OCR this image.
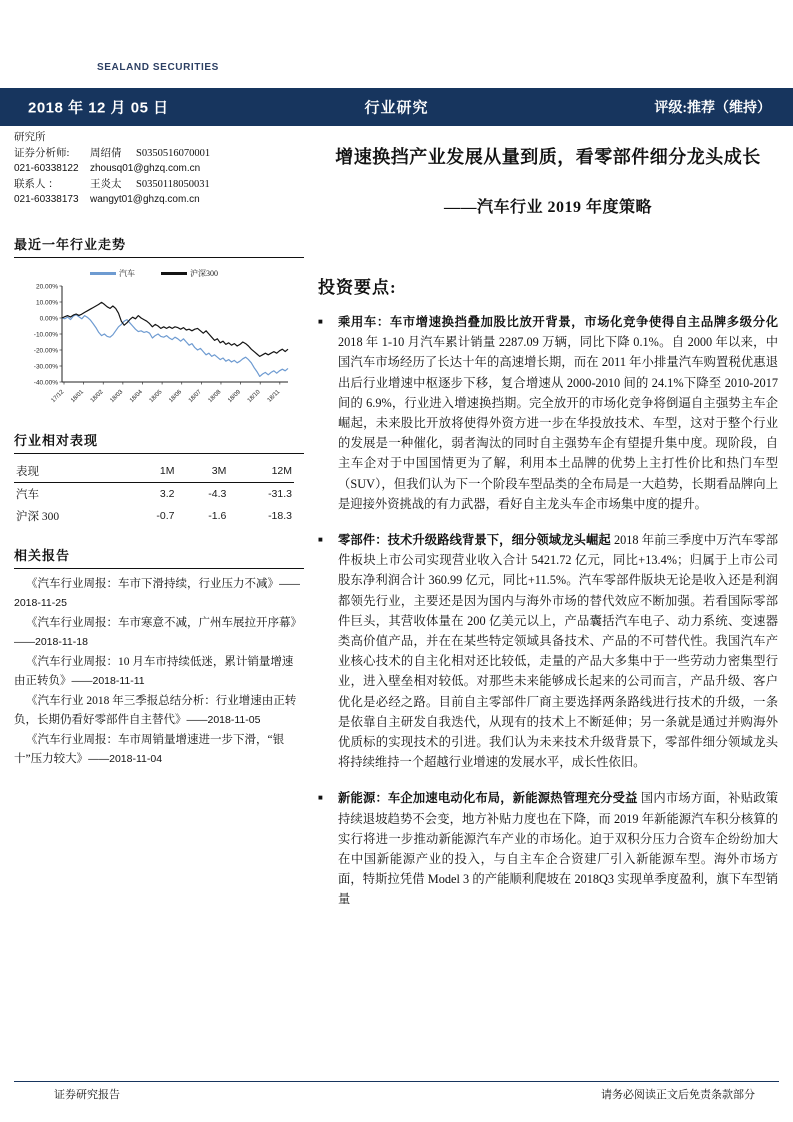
SEALAND SECURITIES
2018 年 12 月 05 日	行业研究	评级:推荐（维持）
研究所
证券分析师:	周绍倩	S0350516070001
021-60338122	zhousq01@ghzq.com.cn
联系人 ：	王炎太	S0350118050031
021-60338173	wangyt01@ghzq.com.cn
最近一年行业走势
汽车	沪深300
20.00%
10.00%
0.00%
-10.00%
-20.00%
-30.00%
-40.00%
17/12 18/01 18/02 18/03 18/04 18/05 18/06 18/07 18/08 18/09 18/10 18/11
行业相对表现
表现	1M	3M	12M
汽车	3.2	-4.3	-31.3
沪深 300	-0.7	-1.6	-18.3
相关报告
《汽车行业周报：车市下滑持续，行业压力不减》——2018-11-25
《汽车行业周报：车市寒意不减，广州车展拉开序幕》——2018-11-18
《汽车行业周报：10 月车市持续低迷，累计销量增速由正转负》——2018-11-11
《汽车行业 2018 年三季报总结分析：行业增速由正转负，长期仍看好零部件自主替代》——2018-11-05
《汽车行业周报：车市周销量增速进一步下滑，“银十”压力较大》——2018-11-04
增速换挡产业发展从量到质，看零部件细分龙头成长
——汽车行业 2019 年度策略
投资要点:
■	乘用车：车市增速换挡叠加股比放开背景，市场化竞争使得自主品牌多级分化 2018 年 1-10 月汽车累计销量 2287.09 万辆，同比下降 0.1%。自 2000 年以来，中国汽车市场经历了长达十年的高速增长期，而在 2011 年小排量汽车购置税优惠退出后行业增速中枢逐步下移，复合增速从 2000-2010 间的 24.1%下降至 2010-2017 间的 6.9%，行业进入增速换挡期。完全放开的市场化竞争将倒逼自主强势主车企崛起，未来股比开放将使得外资方进一步在华投放技术、车型，这对于整个行业的发展是一种催化，弱者淘汰的同时自主强势车企有望提升集中度。现阶段，自主车企对于中国国情更为了解，利用本土品牌的优势上主打性价比和热门车型（SUV），但我们认为下一个阶段车型品类的全布局是一大趋势，长期看品牌向上是迎接外资挑战的有力武器，看好自主龙头车企市场集中度的提升。
■	零部件：技术升级路线背景下，细分领域龙头崛起 2018 年前三季度中万汽车零部件板块上市公司实现营业收入合计 5421.72 亿元，同比+13.4%；归属于上市公司股东净利润合计 360.99 亿元，同比+11.5%。汽车零部件版块无论是收入还是利润都领先行业，主要还是因为国内与海外市场的替代效应不断加强。若看国际零部件巨头，其营收体量在 200 亿美元以上，产品囊括汽车电子、动力系统、变速器类高价值产品，并在在某些特定领域具备技术、产品的不可替代性。我国汽车产业核心技术的自主化相对还比较低，走量的产品大多集中于一些劳动力密集型行业，进入壁垒相对较低。对那些未来能够成长起来的公司而言，产品升级、客户优化是必经之路。目前自主零部件厂商主要选择两条路线进行技术的升级，一条是依靠自主研发自我迭代，从现有的技术上不断延伸；另一条就是通过并购海外优质标的实现技术的引进。我们认为未来技术升级背景下，零部件细分领域龙头将持续维持一个超越行业增速的发展水平，成长性依旧。
■	新能源：车企加速电动化布局，新能源热管理充分受益 国内市场方面，补贴政策持续退坡趋势不会变，地方补贴力度也在下降，而 2019 年新能源汽车积分核算的实行将进一步推动新能源汽车产业的市场化。迫于双积分压力合资车企纷纷加大在中国新能源产业的投入，与自主车企合资建厂引入新能源车型。海外市场方面，特斯拉凭借 Model 3 的产能顺利爬坡在 2018Q3 实现单季度盈利，旗下车型销量
证券研究报告	请务必阅读正文后免责条款部分
